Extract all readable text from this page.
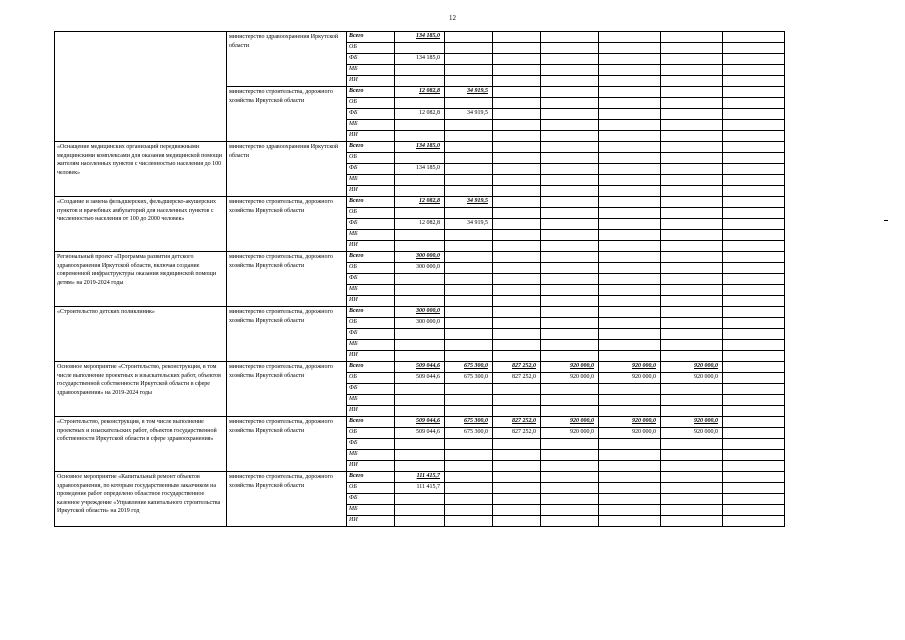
12
	министерство здравоохранения Иркутской области	Всего	134 185,0						
		ОБ							
		ФБ	134 185,0						
		МБ							
		ИИ							
	министерство строительства, дорожного хозяйства Иркутской области	Всего	12 082,8	34 919,5					
		ОБ							
		ФБ	12 082,8	34 919,5					
		МБ							
		ИИ							
«Оснащение медицинских организаций передвижными медицинскими комплексами для оказания медицинской помощи жителям населенных пунктов с численностью населения до 100 человек»	министерство здравоохранения Иркутской области	Всего	134 185,0						
		ОБ							
		ФБ	134 185,0						
		МБ							
		ИИ							
«Создание и замена фельдшерских, фельдшерско-акушерских пунктов и врачебных амбулаторий для населенных пунктов с численностью населения от 100 до 2000 человек»	министерство строительства, дорожного хозяйства Иркутской области	Всего	12 082,8	34 919,5					
		ОБ							
		ФБ	12 082,8	34 919,5					
		МБ							
		ИИ							
Региональный проект «Программа развития детского здравоохранения Иркутской области, включая создание современной инфраструктуры оказания медицинской помощи детям» на 2019-2024 годы	министерство строительства, дорожного хозяйства Иркутской области	Всего	300 000,0						
		ОБ	300 000,0						
		ФБ							
		МБ							
		ИИ							
«Строительство детских поликлиник»	министерство строительства, дорожного хозяйства Иркутской области	Всего	300 000,0						
		ОБ	300 000,0						
		ФБ							
		МБ							
		ИИ							
Основное мероприятие «Строительство, реконструкция, в том числе выполнение проектных и изыскательских работ, объектов государственной собственности Иркутской области в сфере здравоохранения» на 2019-2024 годы	министерство строительства, дорожного хозяйства Иркутской области	Всего	509 044,6	675 300,0	827 252,0	920 000,0	920 000,0	920 000,0	
		ОБ	509 044,6	675 300,0	827 252,0	920 000,0	920 000,0	920 000,0	
		ФБ							
		МБ							
		ИИ							
«Строительство, реконструкция, в том числе выполнение проектных и изыскательских работ, объектов государственной собственности Иркутской области в сфере здравоохранения»	министерство строительства, дорожного хозяйства Иркутской области	Всего	509 044,6	675 300,0	827 252,0	920 000,0	920 000,0	920 000,0	
		ОБ	509 044,6	675 300,0	827 252,0	920 000,0	920 000,0	920 000,0	
		ФБ							
		МБ							
		ИИ							
Основное мероприятие «Капитальный ремонт объектов здравоохранения, по которым государственным заказчиком на проведение работ определено областное государственное казенное учреждение «Управление капитального строительства Иркутской области» на 2019 год	министерство строительства, дорожного хозяйства Иркутской области	Всего	111 415,7						
		ОБ	111 415,7						
		ФБ							
		МБ							
		ИИ							
